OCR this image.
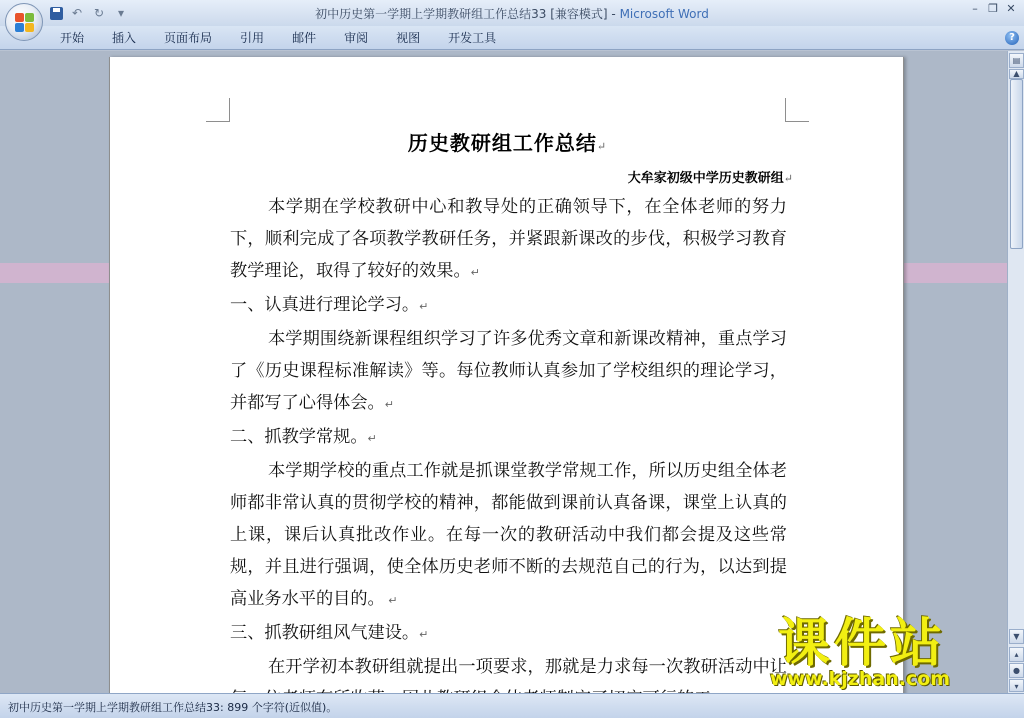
↶ ↻	▾	初中历史第一学期上学期教研组工作总结33 [兼容模式] - Microsoft Word	– ❐ ✕
开始	插入	页面布局	引用	邮件	审阅	视图	开发工具	?
历史教研组工作总结↵
大牟家初级中学历史教研组↵

本学期在学校教研中心和教导处的正确领导下，在全体老师的努力下，顺利完成了各项教学教研任务，并紧跟新课改的步伐，积极学习教育教学理论，取得了较好的效果。↵

一、认真进行理论学习。↵

本学期围绕新课程组织学习了许多优秀文章和新课改精神，重点学习了《历史课程标准解读》等。每位教师认真参加了学校组织的理论学习，并都写了心得体会。↵

二、抓教学常规。↵

本学期学校的重点工作就是抓课堂教学常规工作，所以历史组全体老师都非常认真的贯彻学校的精神，都能做到课前认真备课，课堂上认真的上课，课后认真批改作业。在每一次的教研活动中我们都会提及这些常规，并且进行强调，使全体历史老师不断的去规范自己的行为，以达到提高业务水平的目的。 ↵

三、抓教研组风气建设。↵

在开学初本教研组就提出一项要求，那就是力求每一次教研活动中让

▤
▲
▼
▴
●
▾
课件站
www.kjzhan.com
初中历史第一学期上学期教研组工作总结33: 899 个字符(近似值)。
